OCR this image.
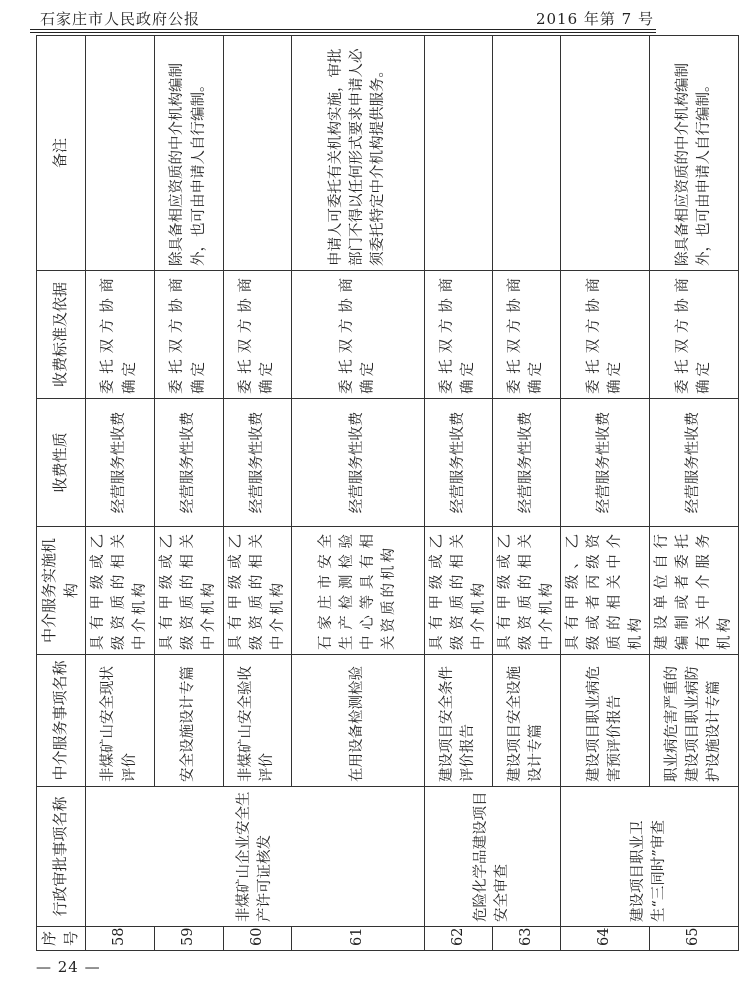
石家庄市人民政府公报	2016 年第 7 号
序号	行政审批事项名称	中介服务事项名称	中介服务实施机构	收费性质	收费标准及依据	备注
58	非煤矿山企业安全生产许可证核发	非煤矿山安全现状评价	具有甲级或乙级资质的相关中介机构	经营服务性收费	委托双方协商确定	
59		安全设施设计专篇	具有甲级或乙级资质的相关中介机构	经营服务性收费	委托双方协商确定	除具备相应资质的中介机构编制外，也可由申请人自行编制。
60		非煤矿山安全验收评价	具有甲级或乙级资质的相关中介机构	经营服务性收费	委托双方协商确定	
61		在用设备检测检验	石家庄市安全生产检测检验中心等具有相关资质的机构	经营服务性收费	委托双方协商确定	申请人可委托有关机构实施，审批部门不得以任何形式要求申请人必须委托特定中介机构提供服务。
62	危险化学品建设项目安全审查	建设项目安全条件评价报告	具有甲级或乙级资质的相关中介机构	经营服务性收费	委托双方协商确定	
63		建设项目安全设施设计专篇	具有甲级或乙级资质的相关中介机构	经营服务性收费	委托双方协商确定	
64	建设项目职业卫生“三同时”审查	建设项目职业病危害预评价报告	具有甲级、乙级或者丙级资质的相关中介机构	经营服务性收费	委托双方协商确定	
65		职业病危害严重的建设项目职业病防护设施设计专篇	建设单位自行编制或者委托有关中介服务机构	经营服务性收费	委托双方协商确定	除具备相应资质的中介机构编制外，也可由申请人自行编制。
— 24 —
